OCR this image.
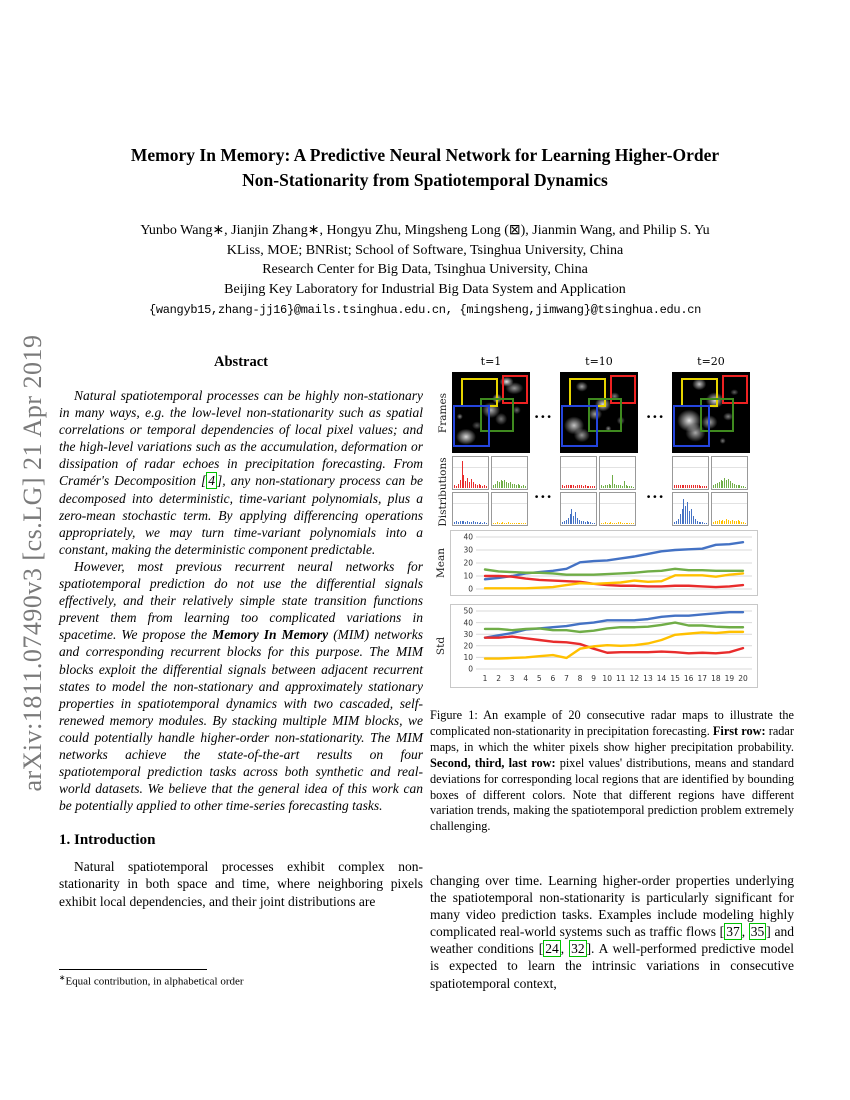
arXiv:1811.07490v3 [cs.LG] 21 Apr 2019
Memory In Memory: A Predictive Neural Network for Learning Higher-Order
Non-Stationarity from Spatiotemporal Dynamics
Yunbo Wang∗, Jianjin Zhang∗, Hongyu Zhu, Mingsheng Long (⊠), Jianmin Wang, and Philip S. Yu
KLiss, MOE; BNRist; School of Software, Tsinghua University, China
Research Center for Big Data, Tsinghua University, China
Beijing Key Laboratory for Industrial Big Data System and Application
{wangyb15,zhang-jj16}@mails.tsinghua.edu.cn, {mingsheng,jimwang}@tsinghua.edu.cn
Abstract

Natural spatiotemporal processes can be highly non-stationary in many ways, e.g. the low-level non-stationarity such as spatial correlations or temporal dependencies of local pixel values; and the high-level variations such as the accumulation, deformation or dissipation of radar echoes in precipitation forecasting. From Cramér's Decomposition [ 4 ], any non-stationary process can be decomposed into deterministic, time-variant polynomials, plus a zero-mean stochastic term. By applying differencing operations appropriately, we may turn time-variant polynomials into a constant, making the deterministic component predictable.

However, most previous recurrent neural networks for spatiotemporal prediction do not use the differential signals effectively, and their relatively simple state transition functions prevent them from learning too complicated variations in spacetime. We propose the Memory In Memory (MIM) networks and corresponding recurrent blocks for this purpose. The MIM blocks exploit the differential signals between adjacent recurrent states to model the non-stationary and approximately stationary properties in spatiotemporal dynamics with two cascaded, self-renewed memory modules. By stacking multiple MIM blocks, we could potentially handle higher-order non-stationarity. The MIM networks achieve the state-of-the-art results on four spatiotemporal prediction tasks across both synthetic and real-world datasets. We believe that the general idea of this work can be potentially applied to other time-series forecasting tasks.

1. Introduction

Natural spatiotemporal processes exhibit complex non-stationarity in both space and time, where neighboring pixels exhibit local dependencies, and their joint distributions are

∗Equal contribution, in alphabetical order
Frames
Distributions
Mean
Std
t=1	t=10	t=20
...	...
...	...
0
10
20
30
40
0
10
20
30
40
50
1 2 3 4 5 6 7 8 9 10 11 12 13 14 15 16 17 18 19 20
Figure 1: An example of 20 consecutive radar maps to illustrate the complicated non-stationarity in precipitation forecasting. First row: radar maps, in which the whiter pixels show higher precipitation probability. Second, third, last row: pixel values' distributions, means and standard deviations for corresponding local regions that are identified by bounding boxes of different colors. Note that different regions have different variation trends, making the spatiotemporal prediction problem extremely challenging.

changing over time. Learning higher-order properties underlying the spatiotemporal non-stationarity is particularly significant for many video prediction tasks. Examples include modeling highly complicated real-world systems such as traffic flows [ 37 , 35 ] and weather conditions [ 24 , 32 ]. A well-performed predictive model is expected to learn the intrinsic variations in consecutive spatiotemporal context,
